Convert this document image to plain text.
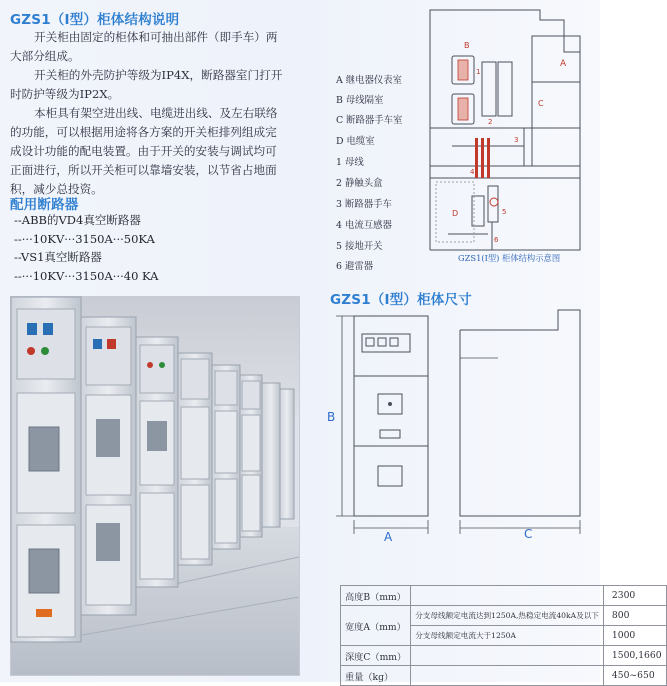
GZS1（I型）柜体结构说明

开关柜由固定的柜体和可抽出部件（即手车）两

大部分组成。

开关柜的外壳防护等级为IP4X，断路器室门打开

时防护等级为IP2X。

本柜具有架空进出线、电缆进出线、及左右联络

的功能，可以根据用途将各方案的开关柜排列组成完

成设计功能的配电装置。由于开关的安装与调试均可

正面进行，所以开关柜可以靠墙安装，以节省占地面

积，减少总投资。

配用断路器
--ABB的VD4真空断路器
--···10KV···3150A···50KA
--VS1真空断路器
--···10KV···3150A···40 KA
A 继电器仪表室
B 母线隔室
C 断路器手车室
D 电缆室
1 母线
2 静触头盒
3 断路器手车
4 电流互感器
5 接地开关
6 避雷器
A
B
C
D
1
2
3
4
5
6
GZS1(I型) 柜体结构示意图
GZS1（I型）柜体尺寸
B
A	C
高度B（mm）		2300
宽度A（mm）	分支母线额定电流达到1250A,热稳定电流40kA及以下	800
	分支母线额定电流大于1250A	1000
深度C（mm）		1500,1660
重量（kg）		450~650
